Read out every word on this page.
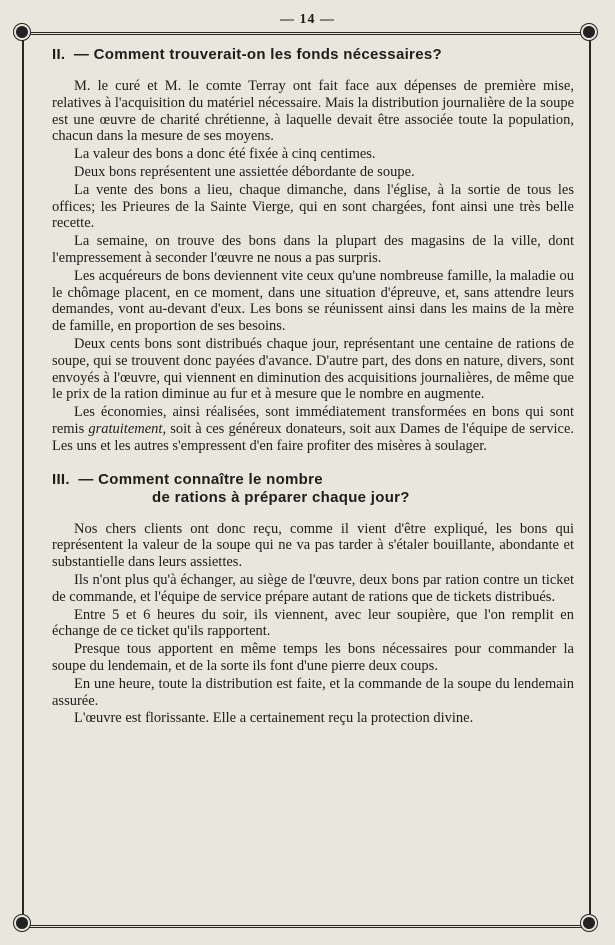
— 14 —
II. — Comment trouverait-on les fonds nécessaires?

M. le curé et M. le comte Terray ont fait face aux dépenses de première mise, relatives à l'acquisition du matériel nécessaire. Mais la distribution journalière de la soupe est une œuvre de charité chrétienne, à laquelle devait être associée toute la population, chacun dans la mesure de ses moyens.

La valeur des bons a donc été fixée à cinq centimes.

Deux bons représentent une assiettée débordante de soupe.

La vente des bons a lieu, chaque dimanche, dans l'église, à la sortie de tous les offices; les Prieures de la Sainte Vierge, qui en sont chargées, font ainsi une très belle recette.

La semaine, on trouve des bons dans la plupart des magasins de la ville, dont l'empressement à seconder l'œuvre ne nous a pas surpris.

Les acquéreurs de bons deviennent vite ceux qu'une nombreuse famille, la maladie ou le chômage placent, en ce moment, dans une situation d'épreuve, et, sans attendre leurs demandes, vont au-devant d'eux. Les bons se réunissent ainsi dans les mains de la mère de famille, en proportion de ses besoins.

Deux cents bons sont distribués chaque jour, représentant une centaine de rations de soupe, qui se trouvent donc payées d'avance. D'autre part, des dons en nature, divers, sont envoyés à l'œuvre, qui viennent en diminution des acquisitions journalières, de même que le prix de la ration diminue au fur et à mesure que le nombre en augmente.

Les économies, ainsi réalisées, sont immédiatement transformées en bons qui sont remis gratuitement, soit à ces généreux donateurs, soit aux Dames de l'équipe de service. Les uns et les autres s'empressent d'en faire profiter des misères à soulager.

III. — Comment connaître le nombre
de rations à préparer chaque jour?

Nos chers clients ont donc reçu, comme il vient d'être expliqué, les bons qui représentent la valeur de la soupe qui ne va pas tarder à s'étaler bouillante, abondante et substantielle dans leurs assiettes.

Ils n'ont plus qu'à échanger, au siège de l'œuvre, deux bons par ration contre un ticket de commande, et l'équipe de service prépare autant de rations que de tickets distribués.

Entre 5 et 6 heures du soir, ils viennent, avec leur soupière, que l'on remplit en échange de ce ticket qu'ils rapportent.

Presque tous apportent en même temps les bons nécessaires pour commander la soupe du lendemain, et de la sorte ils font d'une pierre deux coups.

En une heure, toute la distribution est faite, et la commande de la soupe du lendemain assurée.

L'œuvre est florissante. Elle a certainement reçu la protection divine.
